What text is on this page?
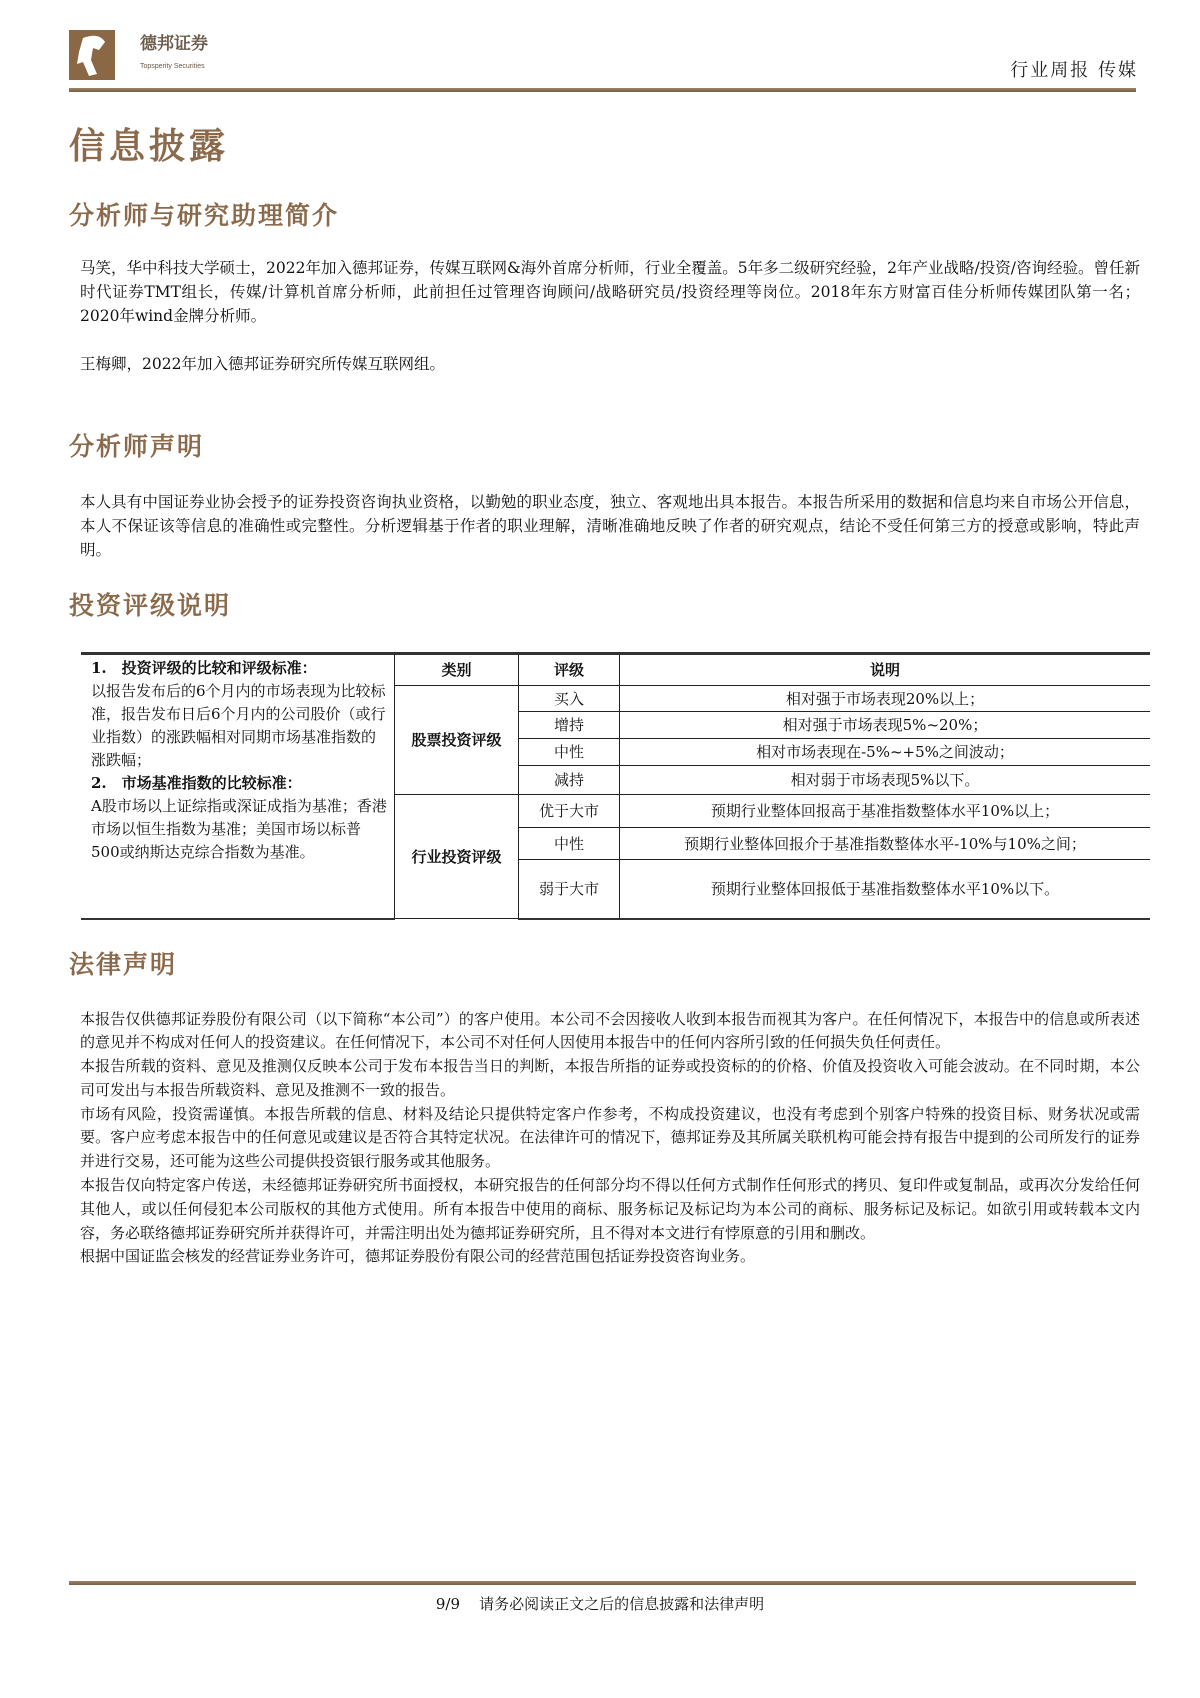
德邦证券
Topsperity Securities	行业周报 传媒
信息披露
分析师与研究助理简介

马笑，华中科技大学硕士，2022年加入德邦证券，传媒互联网&海外首席分析师，行业全覆盖。5年多二级研究经验，2年产业战略/投资/咨询经验。曾任新时代证券TMT组长，传媒/计算机首席分析师，此前担任过管理咨询顾问/战略研究员/投资经理等岗位。2018年东方财富百佳分析师传媒团队第一名；2020年wind金牌分析师。

王梅卿，2022年加入德邦证券研究所传媒互联网组。

分析师声明
本人具有中国证券业协会授予的证券投资咨询执业资格，以勤勉的职业态度，独立、客观地出具本报告。本报告所采用的数据和信息均来自市场公开信息，本人不保证该等信息的准确性或完整性。分析逻辑基于作者的职业理解，清晰准确地反映了作者的研究观点，结论不受任何第三方的授意或影响，特此声明。
投资评级说明
1.　投资评级的比较和评级标准：
以报告发布后的6个月内的市场表现为比较标准，报告发布日后6个月内的公司股价（或行业指数）的涨跌幅相对同期市场基准指数的涨跌幅；
2.　市场基准指数的比较标准：
A股市场以上证综指或深证成指为基准；香港市场以恒生指数为基准；美国市场以标普500或纳斯达克综合指数为基准。	类别	评级	说明
	股票投资评级	买入	相对强于市场表现20%以上；
		增持	相对强于市场表现5%~20%；
		中性	相对市场表现在-5%~+5%之间波动；
		减持	相对弱于市场表现5%以下。
	行业投资评级	优于大市	预期行业整体回报高于基准指数整体水平10%以上；
		中性	预期行业整体回报介于基准指数整体水平-10%与10%之间；
		弱于大市	预期行业整体回报低于基准指数整体水平10%以下。
法律声明

本报告仅供德邦证券股份有限公司（以下简称“本公司”）的客户使用。本公司不会因接收人收到本报告而视其为客户。在任何情况下，本报告中的信息或所表述的意见并不构成对任何人的投资建议。在任何情况下，本公司不对任何人因使用本报告中的任何内容所引致的任何损失负任何责任。

本报告所载的资料、意见及推测仅反映本公司于发布本报告当日的判断，本报告所指的证券或投资标的的价格、价值及投资收入可能会波动。在不同时期，本公司可发出与本报告所载资料、意见及推测不一致的报告。

市场有风险，投资需谨慎。本报告所载的信息、材料及结论只提供特定客户作参考，不构成投资建议，也没有考虑到个别客户特殊的投资目标、财务状况或需要。客户应考虑本报告中的任何意见或建议是否符合其特定状况。在法律许可的情况下，德邦证券及其所属关联机构可能会持有报告中提到的公司所发行的证券并进行交易，还可能为这些公司提供投资银行服务或其他服务。

本报告仅向特定客户传送，未经德邦证券研究所书面授权，本研究报告的任何部分均不得以任何方式制作任何形式的拷贝、复印件或复制品，或再次分发给任何其他人，或以任何侵犯本公司版权的其他方式使用。所有本报告中使用的商标、服务标记及标记均为本公司的商标、服务标记及标记。如欲引用或转载本文内容，务必联络德邦证券研究所并获得许可，并需注明出处为德邦证券研究所，且不得对本文进行有悖原意的引用和删改。

根据中国证监会核发的经营证券业务许可，德邦证券股份有限公司的经营范围包括证券投资咨询业务。

9/9 请务必阅读正文之后的信息披露和法律声明
